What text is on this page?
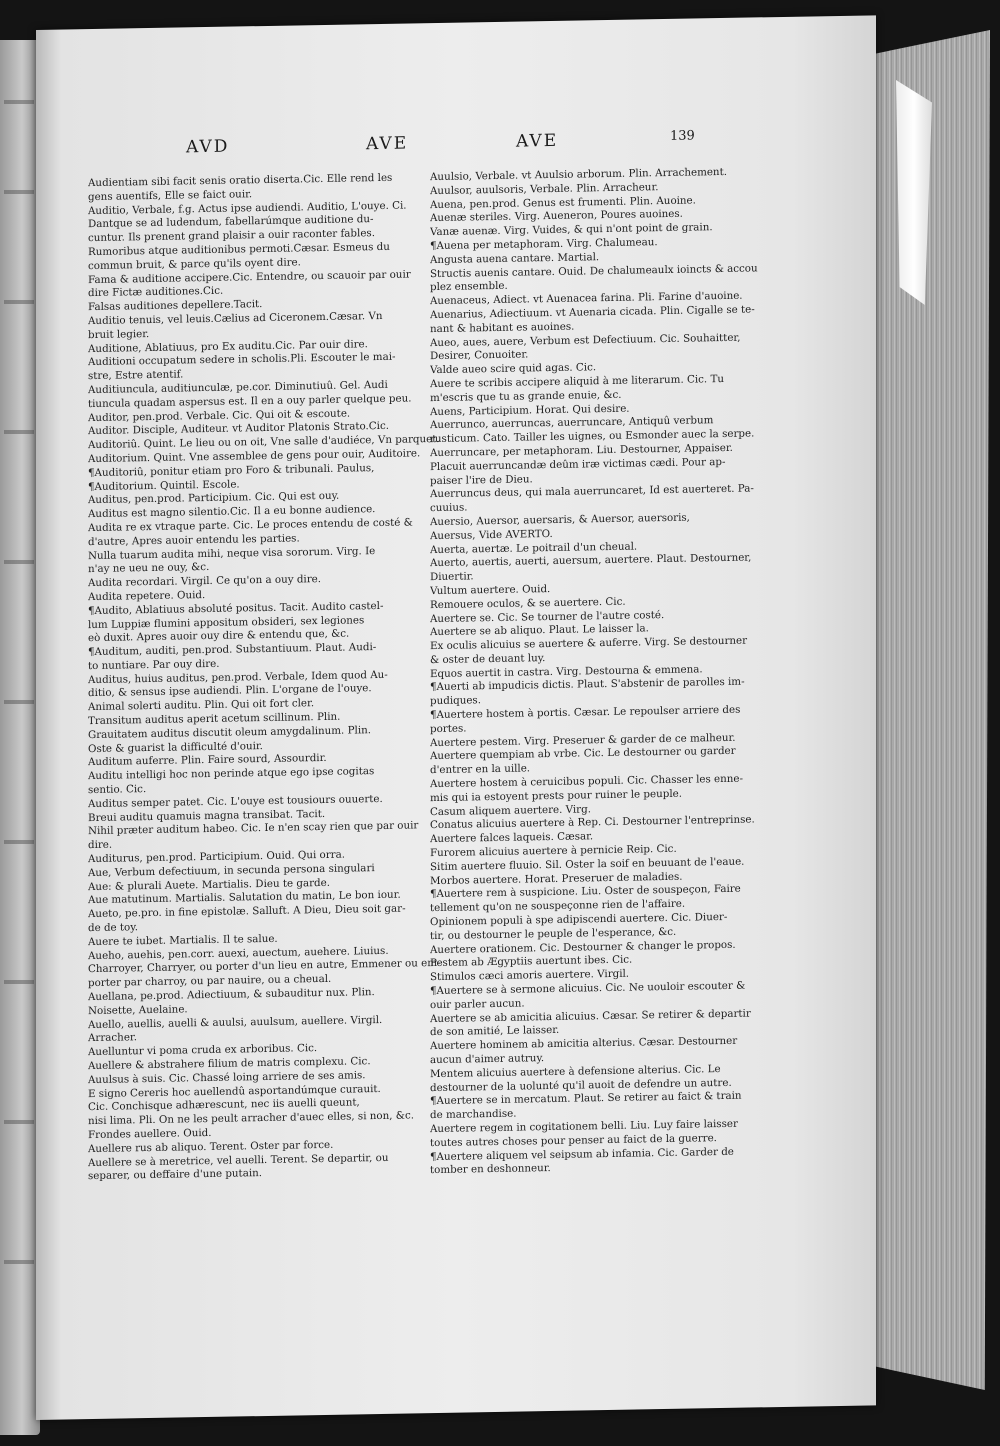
AVD	AVE	AVE	139

Audientiam sibi facit senis oratio diserta.Cic. Elle rend les

gens auentifs, Elle se faict ouir.

Auditio, Verbale, f.g. Actus ipse audiendi. Auditio, L'ouye. Ci.

Dantque se ad ludendum, fabellarúmque auditione du-

cuntur. Ils prenent grand plaisir a ouir raconter fables.

Rumoribus atque auditionibus permoti.Cæsar. Esmeus du

commun bruit, & parce qu'ils oyent dire.

Fama & auditione accipere.Cic. Entendre, ou scauoir par ouir

dire Fictæ auditiones.Cic.

Falsas auditiones depellere.Tacit.

Auditio tenuis, vel leuis.Cælius ad Ciceronem.Cæsar. Vn

bruit legier.

Auditione, Ablatiuus, pro Ex auditu.Cic. Par ouir dire.

Auditioni occupatum sedere in scholis.Pli. Escouter le mai-

stre, Estre atentif.

Auditiuncula, auditiunculæ, pe.cor. Diminutiuû. Gel. Audi

tiuncula quadam aspersus est. Il en a ouy parler quelque peu.

Auditor, pen.prod. Verbale. Cic. Qui oit & escoute.

Auditor. Disciple, Auditeur. vt Auditor Platonis Strato.Cic.

Auditoriû. Quint. Le lieu ou on oit, Vne salle d'audiéce, Vn parquet.

Auditorium. Quint. Vne assemblee de gens pour ouir, Auditoire.

¶Auditoriû, ponitur etiam pro Foro & tribunali. Paulus,

¶Auditorium. Quintil. Escole.

Auditus, pen.prod. Participium. Cic. Qui est ouy.

Auditus est magno silentio.Cic. Il a eu bonne audience.

Audita re ex vtraque parte. Cic. Le proces entendu de costé &

d'autre, Apres auoir entendu les parties.

Nulla tuarum audita mihi, neque visa sororum. Virg. Ie

n'ay ne ueu ne ouy, &c.

Audita recordari. Virgil. Ce qu'on a ouy dire.

Audita repetere. Ouid.

¶Audito, Ablatiuus absoluté positus. Tacit. Audito castel-

lum Luppiæ flumini appositum obsideri, sex legiones

eò duxit. Apres auoir ouy dire & entendu que, &c.

¶Auditum, auditi, pen.prod. Substantiuum. Plaut. Audi-

to nuntiare. Par ouy dire.

Auditus, huius auditus, pen.prod. Verbale, Idem quod Au-

ditio, & sensus ipse audiendi. Plin. L'organe de l'ouye.

Animal solerti auditu. Plin. Qui oit fort cler.

Transitum auditus aperit acetum scillinum. Plin.

Grauitatem auditus discutit oleum amygdalinum. Plin.

Oste & guarist la difficulté d'ouir.

Auditum auferre. Plin. Faire sourd, Assourdir.

Auditu intelligi hoc non perinde atque ego ipse cogitas

sentio. Cic.

Auditus semper patet. Cic. L'ouye est tousiours ouuerte.

Breui auditu quamuis magna transibat. Tacit.

Nihil præter auditum habeo. Cic. Ie n'en scay rien que par ouir

dire.

Auditurus, pen.prod. Participium. Ouid. Qui orra.

Aue, Verbum defectiuum, in secunda persona singulari

Aue: & plurali Auete. Martialis. Dieu te garde.

Aue matutinum. Martialis. Salutation du matin, Le bon iour.

Aueto, pe.pro. in fine epistolæ. Salluft. A Dieu, Dieu soit gar-

de de toy.

Auere te iubet. Martialis. Il te salue.

Aueho, auehis, pen.corr. auexi, auectum, auehere. Liuius.

Charroyer, Charryer, ou porter d'un lieu en autre, Emmener ou em-

porter par charroy, ou par nauire, ou a cheual.

Auellana, pe.prod. Adiectiuum, & subauditur nux. Plin.

Noisette, Auelaine.

Auello, auellis, auelli & auulsi, auulsum, auellere. Virgil.

Arracher.

Auelluntur vi poma cruda ex arboribus. Cic.

Auellere & abstrahere filium de matris complexu. Cic.

Auulsus à suis. Cic. Chassé loing arriere de ses amis.

E signo Cereris hoc auellendû asportandúmque curauit.

Cic. Conchisque adhærescunt, nec iis auelli queunt,

nisi lima. Pli. On ne les peult arracher d'auec elles, si non, &c.

Frondes auellere. Ouid.

Auellere rus ab aliquo. Terent. Oster par force.

Auellere se à meretrice, vel auelli. Terent. Se departir, ou

separer, ou deffaire d'une putain.

Auulsio, Verbale. vt Auulsio arborum. Plin. Arrachement.

Auulsor, auulsoris, Verbale. Plin. Arracheur.

Auena, pen.prod. Genus est frumenti. Plin. Auoine.

Auenæ steriles. Virg. Aueneron, Poures auoines.

Vanæ auenæ. Virg. Vuides, & qui n'ont point de grain.

¶Auena per metaphoram. Virg. Chalumeau.

Angusta auena cantare. Martial.

Structis auenis cantare. Ouid. De chalumeaulx ioincts & accou

plez ensemble.

Auenaceus, Adiect. vt Auenacea farina. Pli. Farine d'auoine.

Auenarius, Adiectiuum. vt Auenaria cicada. Plin. Cigalle se te-

nant & habitant es auoines.

Aueo, aues, auere, Verbum est Defectiuum. Cic. Souhaitter,

Desirer, Conuoiter.

Valde aueo scire quid agas. Cic.

Auere te scribis accipere aliquid à me literarum. Cic. Tu

m'escris que tu as grande enuie, &c.

Auens, Participium. Horat. Qui desire.

Auerrunco, auerruncas, auerruncare, Antiquû verbum

rusticum. Cato. Tailler les uignes, ou Esmonder auec la serpe.

Auerruncare, per metaphoram. Liu. Destourner, Appaiser.

Placuit auerruncandæ deûm iræ victimas cædi. Pour ap-

paiser l'ire de Dieu.

Auerruncus deus, qui mala auerruncaret, Id est auerteret. Pa-

cuuius.

Auersio, Auersor, auersaris, & Auersor, auersoris,

Auersus, Vide AVERTO.

Auerta, auertæ. Le poitrail d'un cheual.

Auerto, auertis, auerti, auersum, auertere. Plaut. Destourner,

Diuertir.

Vultum auertere. Ouid.

Remouere oculos, & se auertere. Cic.

Auertere se. Cic. Se tourner de l'autre costé.

Auertere se ab aliquo. Plaut. Le laisser la.

Ex oculis alicuius se auertere & auferre. Virg. Se destourner

& oster de deuant luy.

Equos auertit in castra. Virg. Destourna & emmena.

¶Auerti ab impudicis dictis. Plaut. S'abstenir de parolles im-

pudiques.

¶Auertere hostem à portis. Cæsar. Le repoulser arriere des

portes.

Auertere pestem. Virg. Preseruer & garder de ce malheur.

Auertere quempiam ab vrbe. Cic. Le destourner ou garder

d'entrer en la uille.

Auertere hostem à ceruicibus populi. Cic. Chasser les enne-

mis qui ia estoyent prests pour ruiner le peuple.

Casum aliquem auertere. Virg.

Conatus alicuius auertere à Rep. Ci. Destourner l'entreprinse.

Auertere falces laqueis. Cæsar.

Furorem alicuius auertere à pernicie Reip. Cic.

Sitim auertere fluuio. Sil. Oster la soif en beuuant de l'eaue.

Morbos auertere. Horat. Preseruer de maladies.

¶Auertere rem à suspicione. Liu. Oster de souspeçon, Faire

tellement qu'on ne souspeçonne rien de l'affaire.

Opinionem populi à spe adipiscendi auertere. Cic. Diuer-

tir, ou destourner le peuple de l'esperance, &c.

Auertere orationem. Cic. Destourner & changer le propos.

Pestem ab Ægyptiis auertunt ibes. Cic.

Stimulos cæci amoris auertere. Virgil.

¶Auertere se à sermone alicuius. Cic. Ne uouloir escouter &

ouir parler aucun.

Auertere se ab amicitia alicuius. Cæsar. Se retirer & departir

de son amitié, Le laisser.

Auertere hominem ab amicitia alterius. Cæsar. Destourner

aucun d'aimer autruy.

Mentem alicuius auertere à defensione alterius. Cic. Le

destourner de la uolunté qu'il auoit de defendre un autre.

¶Auertere se in mercatum. Plaut. Se retirer au faict & train

de marchandise.

Auertere regem in cogitationem belli. Liu. Luy faire laisser

toutes autres choses pour penser au faict de la guerre.

¶Auertere aliquem vel seipsum ab infamia. Cic. Garder de

tomber en deshonneur.
